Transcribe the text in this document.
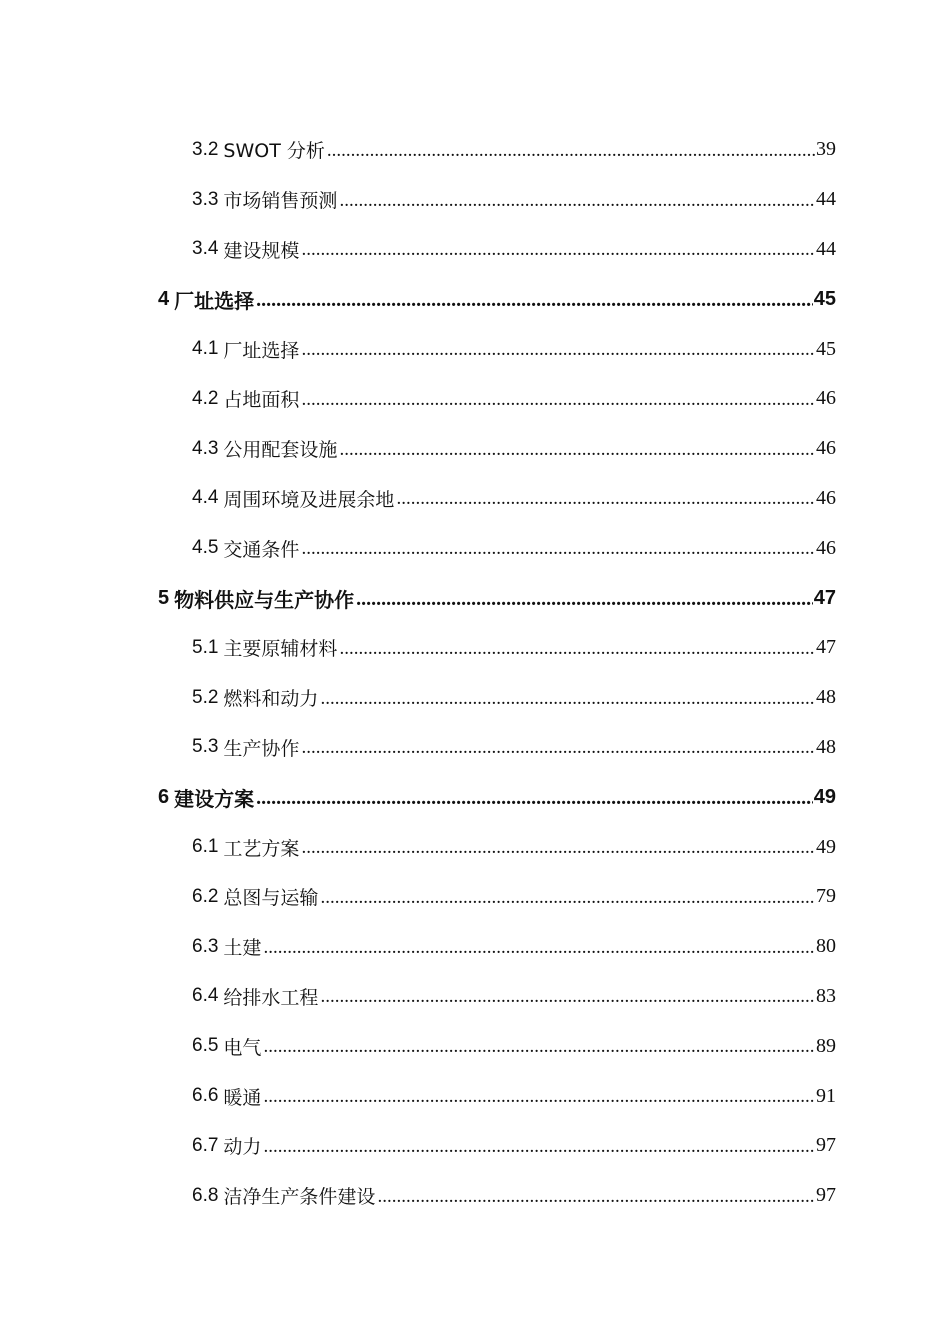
3.2 SWOT 分析 .....	39
3.3 市场销售预测 .....	44
3.4 建设规模 .....	44
4 厂址选择 .....	45
4.1 厂址选择 .....	45
4.2 占地面积 .....	46
4.3 公用配套设施 .....	46
4.4 周围环境及进展余地 .....	46
4.5 交通条件 .....	46
5 物料供应与生产协作 .....	47
5.1 主要原辅材料 .....	47
5.2 燃料和动力 .....	48
5.3 生产协作 .....	48
6 建设方案 .....	49
6.1 工艺方案 .....	49
6.2 总图与运输 .....	79
6.3 土建 .....	80
6.4 给排水工程 .....	83
6.5 电气 .....	89
6.6 暖通 .....	91
6.7 动力 .....	97
6.8 洁净生产条件建设 .....	97
